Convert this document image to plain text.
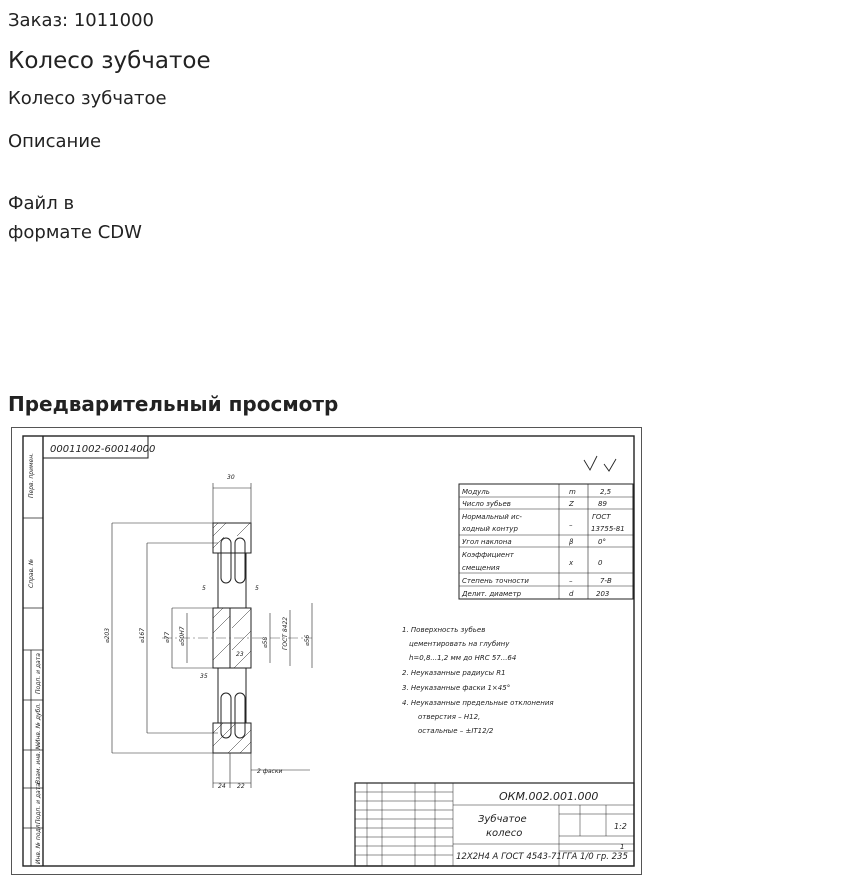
Заказ: 1011000
Колесо зубчатое
Колесо зубчатое
Описание
Файл в
формате CDW
Предварительный просмотр
Перв. примен.
Справ. №
Подп. и дата
Инв. № дубл.
Взам. инв. №
Подп. и дата
Инв. № подл.
00011002-60014000
30
⌀203	⌀167	⌀77 ⌀50H7	⌀58 ГОСТ 8422	⌀56
2 фаски
24 22
5	5
35
23
Модуль	m	2,5
Число зубьев	Z	89
Нормальный ис-	ГОСТ
ходный контур	–	13755-81
Угол наклона	β	0°
Коэффициент
смещения
x	0
Степень точности	–	7-В
Делит. диаметр	d	203
1. Поверхность зубьев
цементировать на глубину
h=0,8...1,2 мм до HRC 57...64
2. Неуказанные радиусы R1
3. Неуказанные фаски 1×45°
4. Неуказанные предельные отклонения
отверстия – H12,
остальные – ±IT12/2
ОКМ.002.001.000
Зубчатое
колесо
12Х2Н4 А ГОСТ 4543-71 ГГА 1/0 гр. 235
1:2
1
